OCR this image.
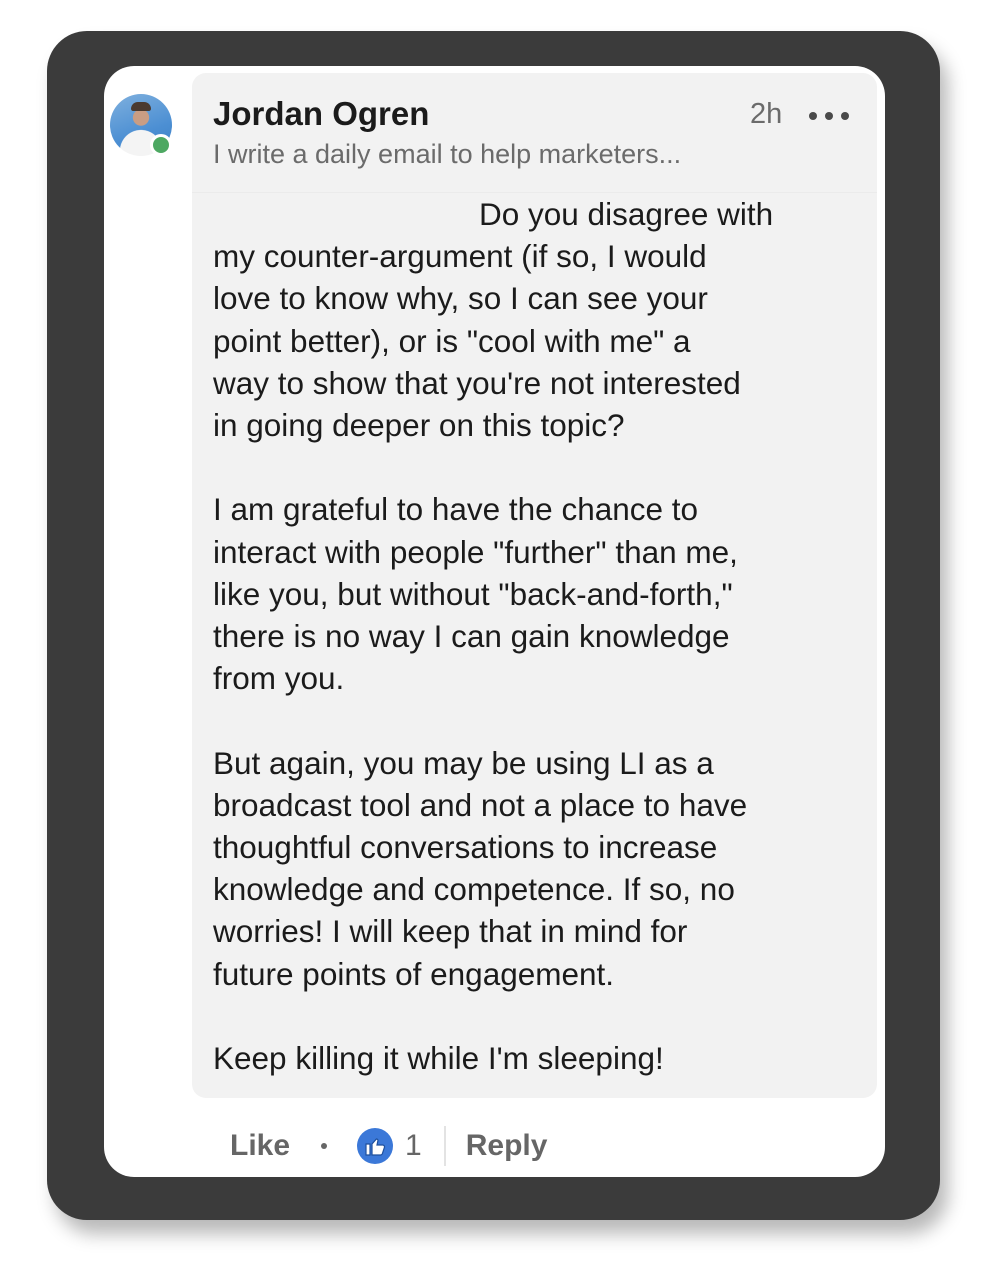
Jordan Ogren
I write a daily email to help marketers...
2h

Do you disagree with
my counter-argument (if so, I would
love to know why, so I can see your
point better), or is "cool with me" a
way to show that you're not interested
in going deeper on this topic?

I am grateful to have the chance to
interact with people "further" than me,
like you, but without "back-and-forth,"
there is no way I can gain knowledge
from you.

But again, you may be using LI as a
broadcast tool and not a place to have
thoughtful conversations to increase
knowledge and competence. If so, no
worries! I will keep that in mind for
future points of engagement.

Keep killing it while I'm sleeping!

Like	1 Reply
